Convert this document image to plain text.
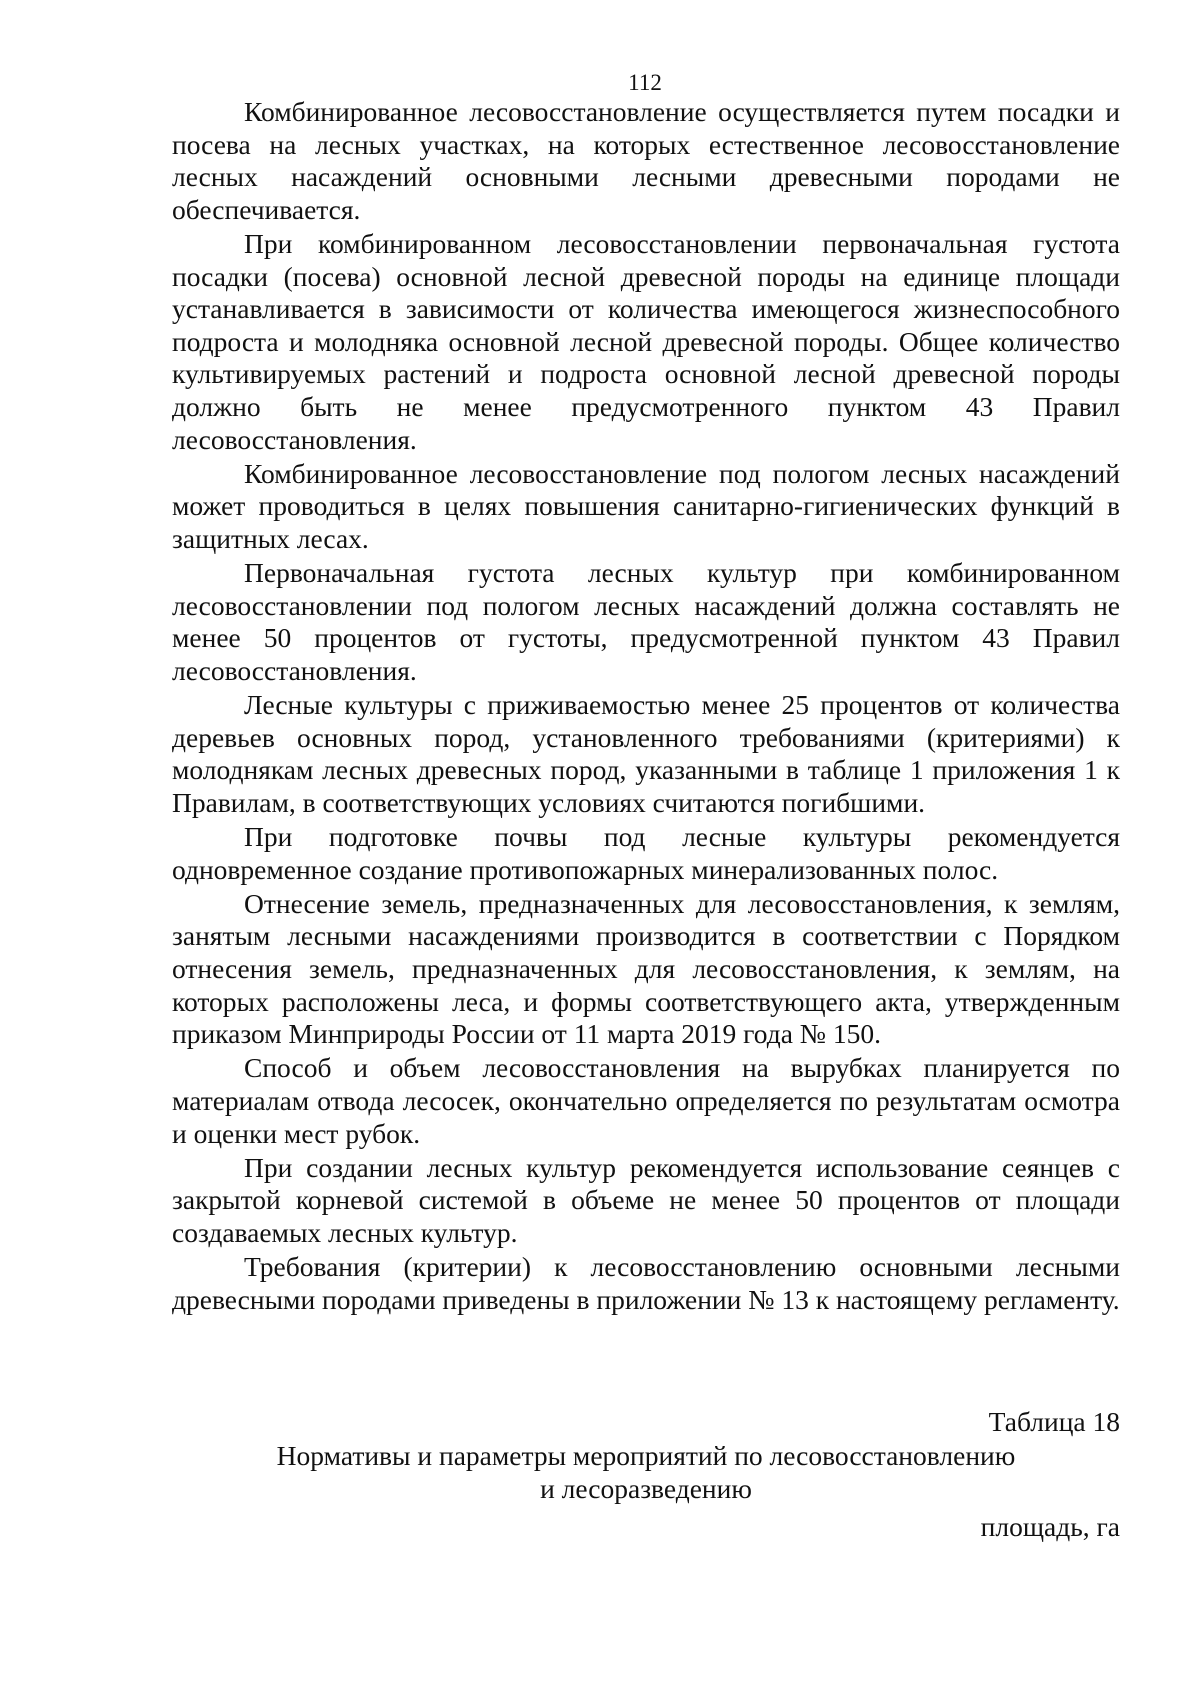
112

Комбинированное лесовосстановление осуществляется путем посадки и посева на лесных участках, на которых естественное лесовосстановление лесных насаждений основными лесными древесными породами не обеспечивается.

При комбинированном лесовосстановлении первоначальная густота посадки (посева) основной лесной древесной породы на единице площади устанавливается в зависимости от количества имеющегося жизнеспособного подроста и молодняка основной лесной древесной породы. Общее количество культивируемых растений и подроста основной лесной древесной породы должно быть не менее предусмотренного пунктом 43 Правил лесовосстановления.

Комбинированное лесовосстановление под пологом лесных насаждений может проводиться в целях повышения санитарно-гигиенических функций в защитных лесах.

Первоначальная густота лесных культур при комбинированном лесовосстановлении под пологом лесных насаждений должна составлять не менее 50 процентов от густоты, предусмотренной пунктом 43 Правил лесовосстановления.

Лесные культуры с приживаемостью менее 25 процентов от количества деревьев основных пород, установленного требованиями (критериями) к молоднякам лесных древесных пород, указанными в таблице 1 приложения 1 к Правилам, в соответствующих условиях считаются погибшими.

При подготовке почвы под лесные культуры рекомендуется одновременное создание противопожарных минерализованных полос.

Отнесение земель, предназначенных для лесовосстановления, к землям, занятым лесными насаждениями производится в соответствии с Порядком отнесения земель, предназначенных для лесовосстановления, к землям, на которых расположены леса, и формы соответствующего акта, утвержденным приказом Минприроды России от 11 марта 2019 года № 150.

Способ и объем лесовосстановления на вырубках планируется по материалам отвода лесосек, окончательно определяется по результатам осмотра и оценки мест рубок.

При создании лесных культур рекомендуется использование сеянцев с закрытой корневой системой в объеме не менее 50 процентов от площади создаваемых лесных культур.

Требования (критерии) к лесовосстановлению основными лесными древесными породами приведены в приложении № 13 к настоящему регламенту.

Таблица 18
Нормативы и параметры мероприятий по лесовосстановлению
и лесоразведению
площадь, га
